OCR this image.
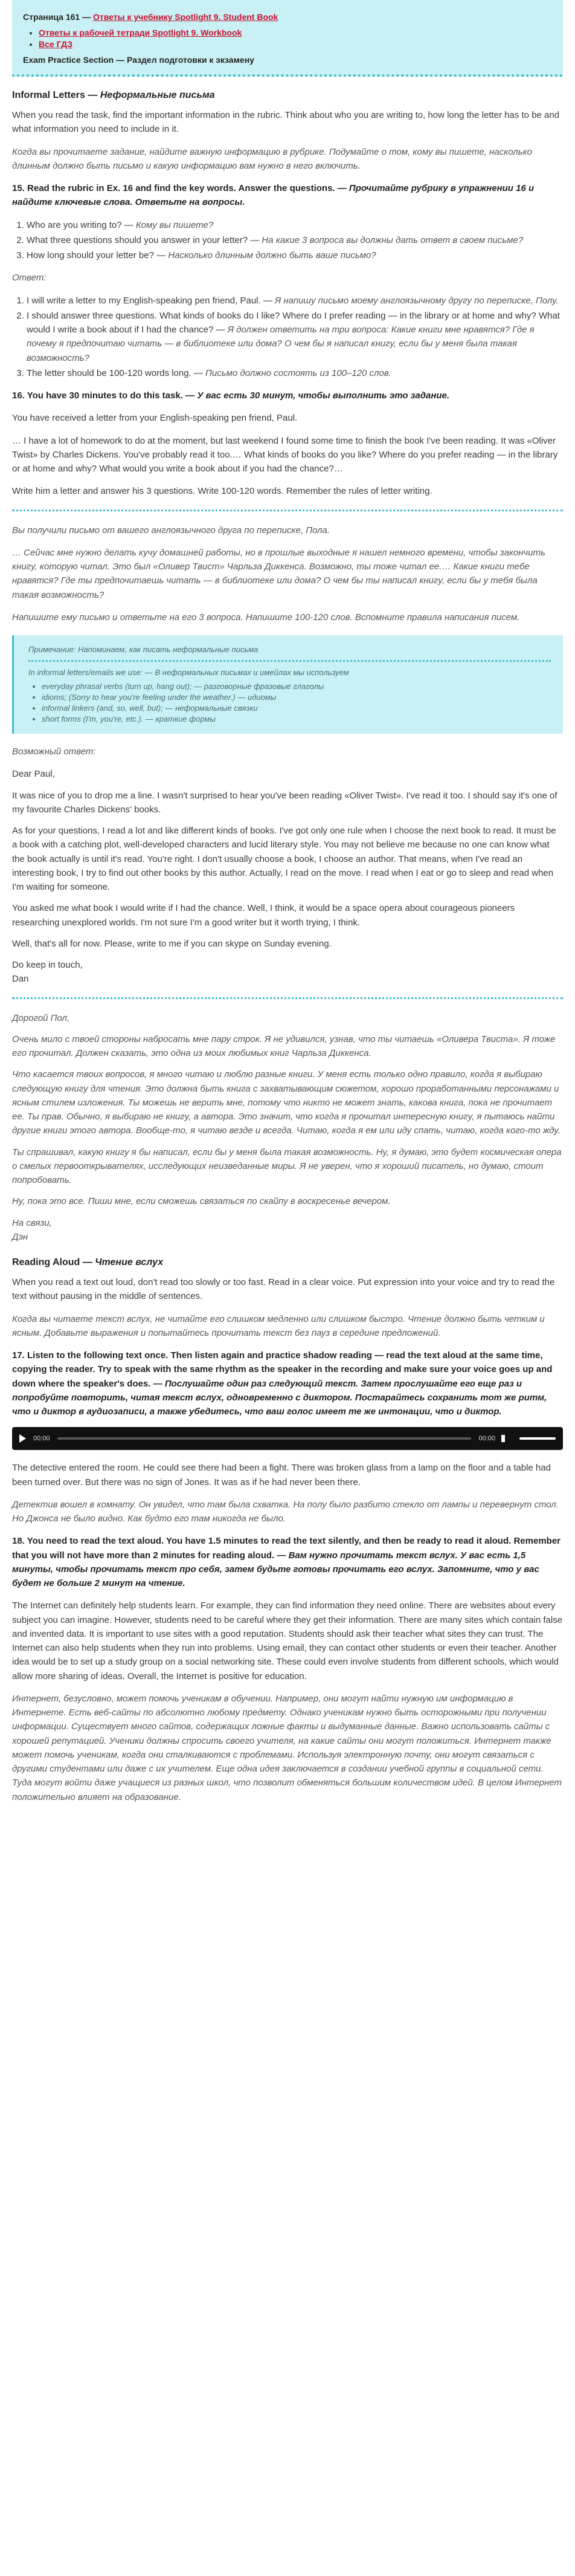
Страница 161 — Ответы к учебнику Spotlight 9. Student Book
• Ответы к рабочей тетради Spotlight 9. Workbook
• Все ГДЗ
Exam Practice Section — Раздел подготовки к экзамену
Informal Letters — Неформальные письма

When you read the task, find the important information in the rubric. Think about who you are writing to, how long the letter has to be and what information you need to include in it.

Когда вы прочитаете задание, найдите важную информацию в рубрике. Подумайте о том, кому вы пишете, насколько длинным должно быть письмо и какую информацию вам нужно в него включить.

15. Read the rubric in Ex. 16 and find the key words. Answer the questions. — Прочитайте рубрику в упражнении 16 и найдите ключевые слова. Ответьте на вопросы.
1. Who are you writing to? — Кому вы пишете?
2. What three questions should you answer in your letter? — На какие 3 вопроса вы должны дать ответ в своем письме?
3. How long should your letter be? — Насколько длинным должно быть ваше письмо?

Ответ:

1. I will write a letter to my English-speaking pen friend, Paul. — Я напишу письмо моему англоязычному другу по переписке, Полу.
2. I should answer three questions. What kinds of books do I like? Where do I prefer reading — in the library or at home and why? What would I write a book about if I had the chance? — Я должен ответить на три вопроса: Какие книги мне нравятся? Где я почему я предпочитаю читать — в библиотеке или дома? О чем бы я написал книгу, если бы у меня была такая возможность?
3. The letter should be 100-120 words long. — Письмо должно состоять из 100–120 слов.
16. You have 30 minutes to do this task. — У вас есть 30 минут, чтобы выполнить это задание.

You have received a letter from your English-speaking pen friend, Paul.

… I have a lot of homework to do at the moment, but last weekend I found some time to finish the book I've been reading. It was «Oliver Twist» by Charles Dickens. You've probably read it too.… What kinds of books do you like? Where do you prefer reading — in the library or at home and why? What would you write a book about if you had the chance?…

Write him a letter and answer his 3 questions. Write 100-120 words. Remember the rules of letter writing.

Вы получили письмо от вашего англоязычного друга по переписке, Пола.

… Сейчас мне нужно делать кучу домашней работы, но в прошлые выходные я нашел немного времени, чтобы закончить книгу, которую читал. Это был «Оливер Твист» Чарльза Диккенса. Возможно, ты тоже читал ее.… Какие книги тебе нравятся? Где ты предпочитаешь читать — в библиотеке или дома? О чем бы ты написал книгу, если бы у тебя была такая возможность?

Напишите ему письмо и ответьте на его 3 вопроса. Напишите 100-120 слов. Вспомните правила написания писем.

Примечание: Напоминаем, как писать неформальные письма
In informal letters/emails we use: — В неформальных письмах и имейлах мы используем
• everyday phrasal verbs (turn up, hang out); — разговорные фразовые глаголы
• idioms; (Sorry to hear you're feeling under the weather.) — идиомы
• informal linkers (and, so, well, but); — неформальные связки
• short forms (I'm, you're, etc.). — краткие формы

Возможный ответ:

Dear Paul,

It was nice of you to drop me a line. I wasn't surprised to hear you've been reading «Oliver Twist». I've read it too. I should say it's one of my favourite Charles Dickens' books.

As for your questions, I read a lot and like different kinds of books. I've got only one rule when I choose the next book to read. It must be a book with a catching plot, well-developed characters and lucid literary style. You may not believe me because no one can know what the book actually is until it's read. You're right. I don't usually choose a book, I choose an author. That means, when I've read an interesting book, I try to find out other books by this author. Actually, I read on the move. I read when I eat or go to sleep and read when I'm waiting for someone.

You asked me what book I would write if I had the chance. Well, I think, it would be a space opera about courageous pioneers researching unexplored worlds. I'm not sure I'm a good writer but it worth trying, I think.

Well, that's all for now. Please, write to me if you can skype on Sunday evening.

Do keep in touch,

Dan

Дорогой Пол,

Очень мило с твоей стороны набросать мне пару строк. Я не удивился, узнав, что ты читаешь «Оливера Твиста». Я тоже его прочитал. Должен сказать, это одна из моих любимых книг Чарльза Диккенса.

Что касается твоих вопросов, я много читаю и люблю разные книги. У меня есть только одно правило, когда я выбираю следующую книгу для чтения. Это должна быть книга с захватывающим сюжетом, хорошо проработанными персонажами и ясным стилем изложения. Ты можешь не верить мне, потому что никто не может знать, какова книга, пока не прочитает ее. Ты прав. Обычно, я выбираю не книгу, а автора. Это значит, что когда я прочитал интересную книгу, я пытаюсь найти другие книги этого автора. Вообще-то, я читаю везде и всегда. Читаю, когда я ем или иду спать, читаю, когда кого-то жду.

Ты спрашивал, какую книгу я бы написал, если бы у меня была такая возможность. Ну, я думаю, это будет космическая опера о смелых первооткрывателях, исследующих неизведанные миры. Я не уверен, что я хороший писатель, но думаю, стоит попробовать.

Ну, пока это все. Пиши мне, если сможешь связаться по скайпу в воскресенье вечером.

На связи,

Дэн

Reading Aloud — Чтение вслух

When you read a text out loud, don't read too slowly or too fast. Read in a clear voice. Put expression into your voice and try to read the text without pausing in the middle of sentences.

Когда вы читаете текст вслух, не читайте его слишком медленно или слишком быстро. Чтение должно быть четким и ясным. Добавьте выражения и попытайтесь прочитать текст без пауз в середине предложений.

17. Listen to the following text once. Then listen again and practice shadow reading — read the text aloud at the same time, copying the reader. Try to speak with the same rhythm as the speaker in the recording and make sure your voice goes up and down where the speaker's does. — Послушайте один раз следующий текст. Затем прослушайте его еще раз и попробуйте повторить, читая текст вслух, одновременно с диктором. Постарайтесь сохранить тот же ритм, что и диктор в аудиозаписи, а также убедитесь, что ваш голос имеет те же интонации, что и диктор.
00:00	00:00

The detective entered the room. He could see there had been a fight. There was broken glass from a lamp on the floor and a table had been turned over. But there was no sign of Jones. It was as if he had never been there.

Детектив вошел в комнату. Он увидел, что там была схватка. На полу было разбито стекло от лампы и перевернут стол. Но Джонса не было видно. Как будто его там никогда не было.

18. You need to read the text aloud. You have 1.5 minutes to read the text silently, and then be ready to read it aloud. Remember that you will not have more than 2 minutes for reading aloud. — Вам нужно прочитать текст вслух. У вас есть 1,5 минуты, чтобы прочитать текст про себя, затем будьте готовы прочитать его вслух. Запомните, что у вас будет не больше 2 минут на чтение.

The Internet can definitely help students learn. For example, they can find information they need online. There are websites about every subject you can imagine. However, students need to be careful where they get their information. There are many sites which contain false and invented data. It is important to use sites with a good reputation. Students should ask their teacher what sites they can trust. The Internet can also help students when they run into problems. Using email, they can contact other students or even their teacher. Another idea would be to set up a study group on a social networking site. These could even involve students from different schools, which would allow more sharing of ideas. Overall, the Internet is positive for education.

Интернет, безусловно, может помочь ученикам в обучении. Например, они могут найти нужную им информацию в Интернете. Есть веб-сайты по абсолютно любому предмету. Однако ученикам нужно быть осторожными при получении информации. Существует много сайтов, содержащих ложные факты и выдуманные данные. Важно использовать сайты с хорошей репутацией. Ученики должны спросить своего учителя, на какие сайты они могут положиться. Интернет также может помочь ученикам, когда они сталкиваются с проблемами. Используя электронную почту, они могут связаться с другими студентами или даже с их учителем. Еще одна идея заключается в создании учебной группы в социальной сети. Туда могут войти даже учащиеся из разных школ, что позволит обменяться большим количеством идей. В целом Интернет положительно влияет на образование.
